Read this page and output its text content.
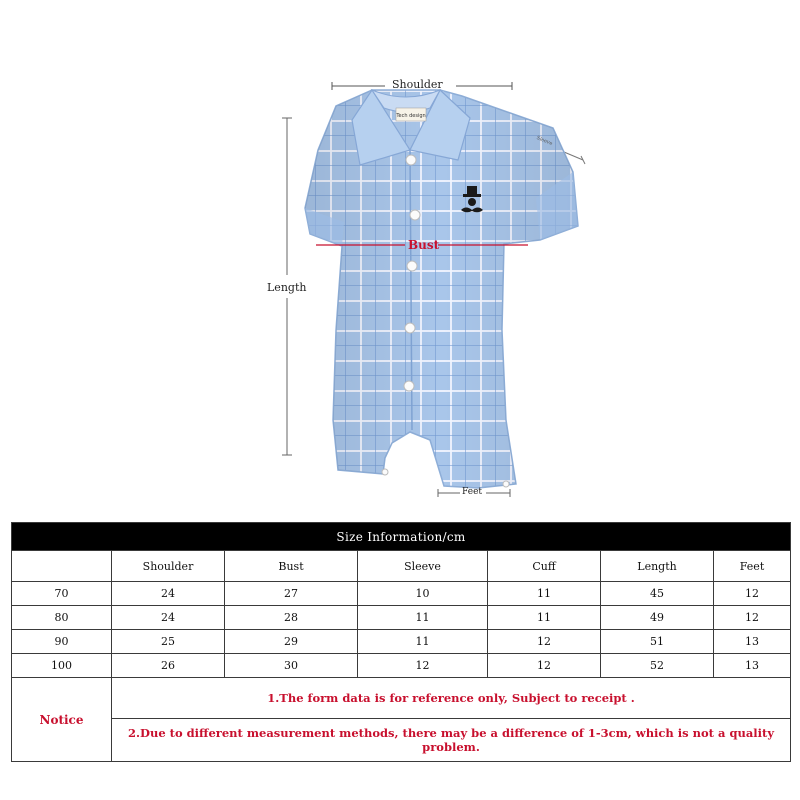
Tech design
Shoulder
Bust
Length
Feet
Sleeve
Size Information/cm						
	Shoulder	Bust	Sleeve	Cuff	Length	Feet
70	24	27	10	11	45	12
80	24	28	11	11	49	12
90	25	29	11	12	51	13
100	26	30	12	12	52	13
Notice	1.The form data is for reference only, Subject to receipt .					
	2.Due to different measurement methods, there may be a difference of 1-3cm, which is not a quality problem.					
